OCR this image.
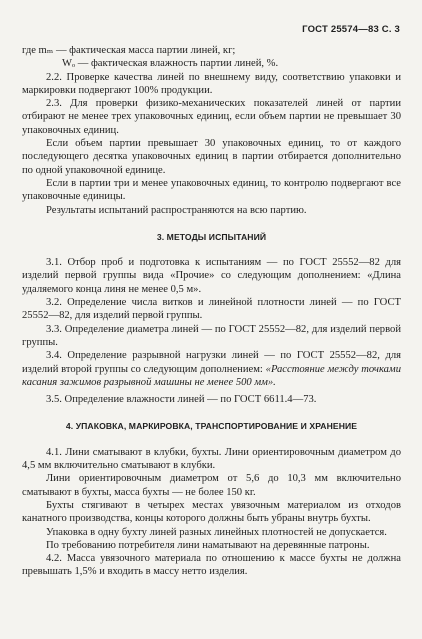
ГОСТ 25574—83 С. 3

где mₘ — фактическая масса партии линей, кг;

Wₒ — фактическая влажность партии линей, %.

2.2. Проверке качества линей по внешнему виду, соответствию упаковки и маркировки подвергают 100% продукции.

2.3. Для проверки физико-механических показателей линей от партии отбирают не менее трех упаковочных единиц, если объем партии не превышает 30 упаковочных единиц.

Если объем партии превышает 30 упаковочных единиц, то от каждого последующего десятка упаковочных единиц в партии отбирается дополнительно по одной упаковочной единице.

Если в партии три и менее упаковочных единиц, то контролю подвергают все упаковочные единицы.

Результаты испытаний распространяются на всю партию.

3. МЕТОДЫ ИСПЫТАНИЙ

3.1. Отбор проб и подготовка к испытаниям — по ГОСТ 25552—82 для изделий первой группы вида «Прочие» со следующим дополнением: «Длина удаляемого конца линя не менее 0,5 м».

3.2. Определение числа витков и линейной плотности линей — по ГОСТ 25552—82, для изделий первой группы.

3.3. Определение диаметра линей — по ГОСТ 25552—82, для изделий первой группы.

3.4. Определение разрывной нагрузки линей — по ГОСТ 25552—82, для изделий второй группы со следующим дополнением: «Расстояние между точками касания зажимов разрывной машины не менее 500 мм».

3.5. Определение влажности линей — по ГОСТ 6611.4—73.

4. УПАКОВКА, МАРКИРОВКА, ТРАНСПОРТИРОВАНИЕ И ХРАНЕНИЕ

4.1. Лини сматывают в клубки, бухты. Лини ориентировочным диаметром до 4,5 мм включительно сматывают в клубки.

Лини ориентировочным диаметром от 5,6 до 10,3 мм включительно сматывают в бухты, масса бухты — не более 150 кг.

Бухты стягивают в четырех местах увязочным материалом из отходов канатного производства, концы которого должны быть убраны внутрь бухты.

Упаковка в одну бухту линей разных линейных плотностей не допускается.

По требованию потребителя лини наматывают на деревянные патроны.

4.2. Масса увязочного материала по отношению к массе бухты не должна превышать 1,5% и входить в массу нетто изделия.
